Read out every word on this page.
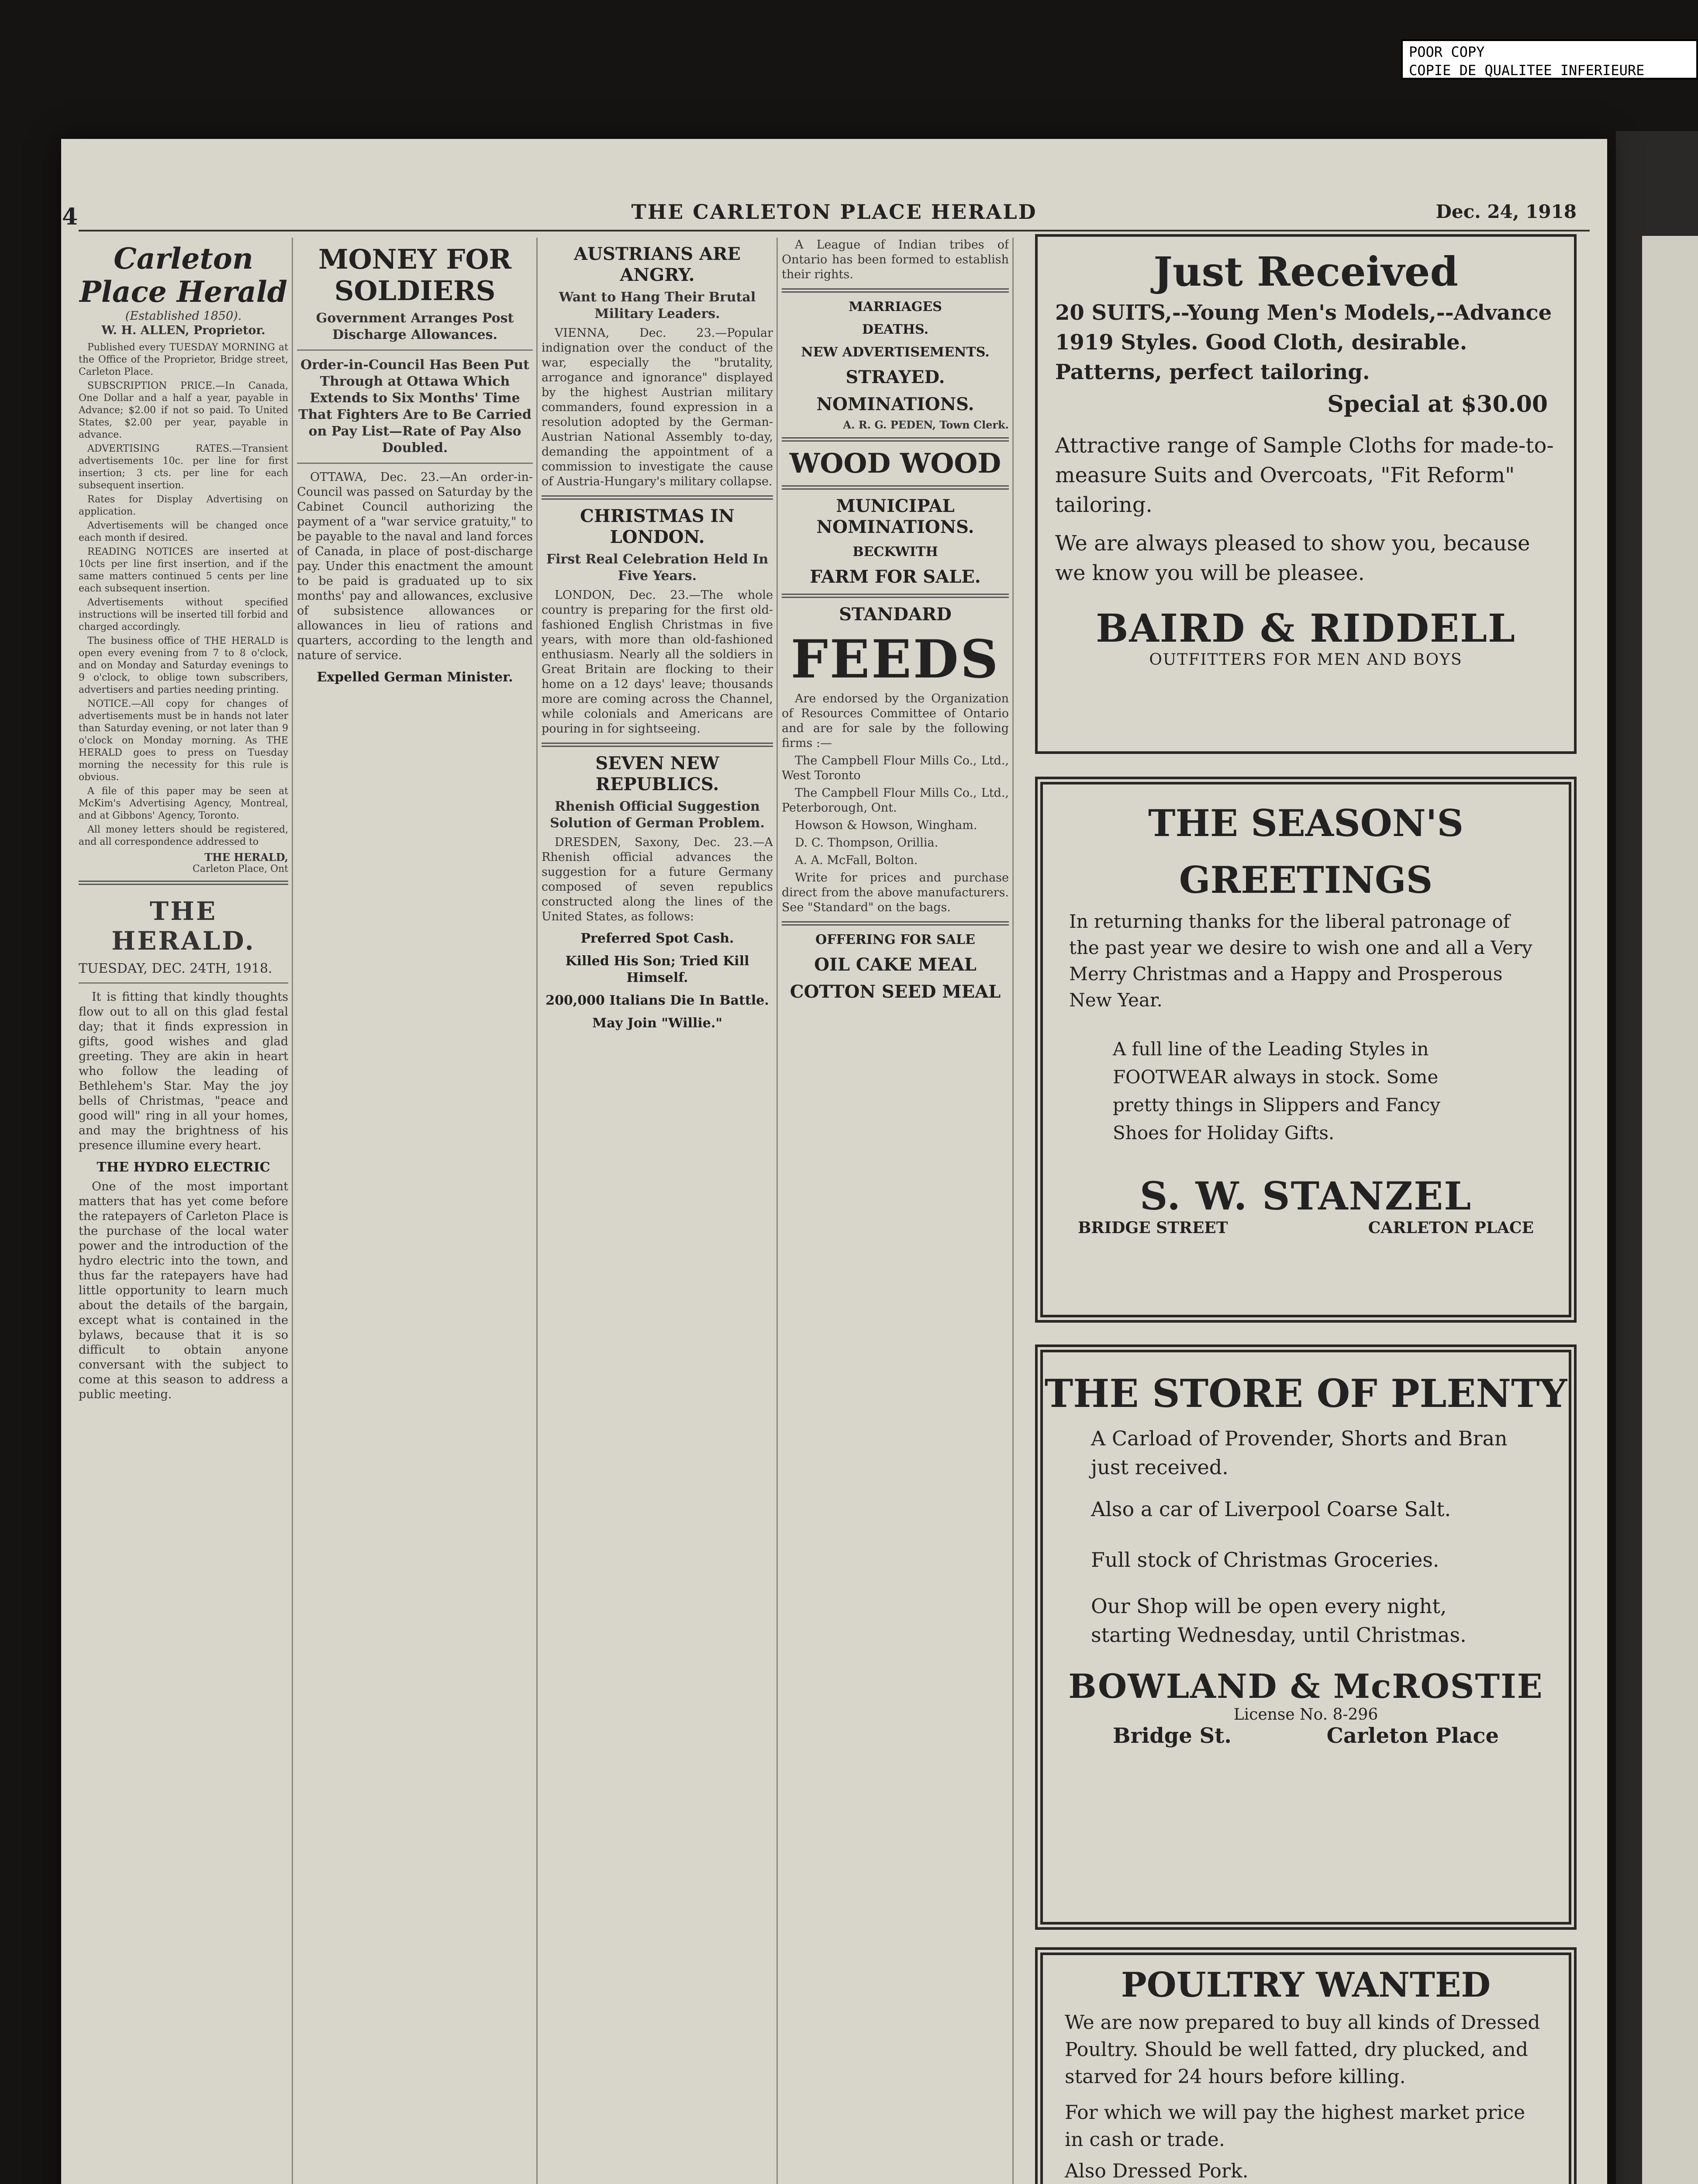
POOR COPY
COPIE DE QUALITEE INFERIEURE
4	THE CARLETON PLACE HERALD	Dec. 24, 1918
Carleton Place Herald
(Established 1850).
W. H. ALLEN, Proprietor.

Published every TUESDAY MORNING at the Office of the Proprietor, Bridge street, Carleton Place.

SUBSCRIPTION PRICE.—In Canada, One Dollar and a half a year, payable in Advance; $2.00 if not so paid. To United States, $2.00 per year, payable in advance.

ADVERTISING RATES.—Transient advertisements 10c. per line for first insertion; 3 cts. per line for each subsequent insertion.

Rates for Display Advertising on application.

Advertisements will be changed once each month if desired.

READING NOTICES are inserted at 10cts per line first insertion, and if the same matters continued 5 cents per line each subsequent insertion.

Advertisements without specified instructions will be inserted till forbid and charged accordingly.

The business office of THE HERALD is open every evening from 7 to 8 o'clock, and on Monday and Saturday evenings to 9 o'clock, to oblige town subscribers, advertisers and parties needing printing.

NOTICE.—All copy for changes of advertisements must be in hands not later than Saturday evening, or not later than 9 o'clock on Monday morning. As THE HERALD goes to press on Tuesday morning the necessity for this rule is obvious.

A file of this paper may be seen at McKim's Advertising Agency, Montreal, and at Gibbons' Agency, Toronto.

All money letters should be registered, and all correspondence addressed to

THE HERALD,
Carleton Place, Ont
THE HERALD.
TUESDAY, DEC. 24TH, 1918.

It is fitting that kindly thoughts flow out to all on this glad festal day; that it finds expression in gifts, good wishes and glad greeting. They are akin in heart who follow the leading of Bethlehem's Star. May the joy bells of Christmas, "peace and good will" ring in all your homes, and may the brightness of his presence illumine every heart.

THE HYDRO ELECTRIC

One of the most important matters that has yet come before the ratepayers of Carleton Place is the purchase of the local water power and the introduction of the hydro electric into the town, and thus far the ratepayers have had little opportunity to learn much about the details of the bargain, except what is contained in the bylaws, because that it is so difficult to obtain anyone conversant with the subject to come at this season to address a public meeting.

MONEY FOR SOLDIERS
Government Arranges Post Discharge Allowances.
Order-in-Council Has Been Put Through at Ottawa Which Extends to Six Months' Time That Fighters Are to Be Carried on Pay List—Rate of Pay Also Doubled.

OTTAWA, Dec. 23.—An order-in-Council was passed on Saturday by the Cabinet Council authorizing the payment of a "war service gratuity," to be payable to the naval and land forces of Canada, in place of post-discharge pay. Under this enactment the amount to be paid is graduated up to six months' pay and allowances, exclusive of subsistence allowances or allowances in lieu of rations and quarters, according to the length and nature of service.

Expelled German Minister.
AUSTRIANS ARE ANGRY.
Want to Hang Their Brutal Military Leaders.

VIENNA, Dec. 23.—Popular indignation over the conduct of the war, especially the "brutality, arrogance and ignorance" displayed by the highest Austrian military commanders, found expression in a resolution adopted by the German-Austrian National Assembly to-day, demanding the appointment of a commission to investigate the cause of Austria-Hungary's military collapse.

CHRISTMAS IN LONDON.
First Real Celebration Held In Five Years.

LONDON, Dec. 23.—The whole country is preparing for the first old-fashioned English Christmas in five years, with more than old-fashioned enthusiasm. Nearly all the soldiers in Great Britain are flocking to their home on a 12 days' leave; thousands more are coming across the Channel, while colonials and Americans are pouring in for sightseeing.

SEVEN NEW REPUBLICS.
Rhenish Official Suggestion Solution of German Problem.

DRESDEN, Saxony, Dec. 23.—A Rhenish official advances the suggestion for a future Germany composed of seven republics constructed along the lines of the United States, as follows:

Preferred Spot Cash.
Killed His Son; Tried Kill Himself.
200,000 Italians Die In Battle.
May Join "Willie."

A League of Indian tribes of Ontario has been formed to establish their rights.

MARRIAGES
DEATHS.
NEW ADVERTISEMENTS.
STRAYED.
NOMINATIONS.
A. R. G. PEDEN, Town Clerk.
WOOD WOOD
MUNICIPAL NOMINATIONS.
BECKWITH
FARM FOR SALE.
STANDARD
FEEDS

Are endorsed by the Organization of Resources Committee of Ontario and are for sale by the following firms :—

The Campbell Flour Mills Co., Ltd., West Toronto

The Campbell Flour Mills Co., Ltd., Peterborough, Ont.

Howson & Howson, Wingham.

D. C. Thompson, Orillia.

A. A. McFall, Bolton.

Write for prices and purchase direct from the above manufacturers. See "Standard" on the bags.

OFFERING FOR SALE
OIL CAKE MEAL
COTTON SEED MEAL
Just Received

20 SUITS,--Young Men's Models,--Advance 1919 Styles. Good Cloth, desirable. Patterns, perfect tailoring.

Special at $30.00

Attractive range of Sample Cloths for made-to-measure Suits and Overcoats, "Fit Reform" tailoring.

We are always pleased to show you, because we know you will be pleasee.

BAIRD & RIDDELL
OUTFITTERS FOR MEN AND BOYS
THE SEASON'S GREETINGS

In returning thanks for the liberal patronage of the past year we desire to wish one and all a Very Merry Christmas and a Happy and Prosperous New Year.

A full line of the Leading Styles in FOOTWEAR always in stock. Some pretty things in Slippers and Fancy Shoes for Holiday Gifts.

S. W. STANZEL
BRIDGE STREET	CARLETON PLACE
THE STORE OF PLENTY

A Carload of Provender, Shorts and Bran just received.

Also a car of Liverpool Coarse Salt.

Full stock of Christmas Groceries.

Our Shop will be open every night, starting Wednesday, until Christmas.

BOWLAND & McROSTIE
License No. 8-296
Bridge St.	Carleton Place
POULTRY WANTED

We are now prepared to buy all kinds of Dressed Poultry. Should be well fatted, dry plucked, and starved for 24 hours before killing.

For which we will pay the highest market price in cash or trade.

Also Dressed Pork.
